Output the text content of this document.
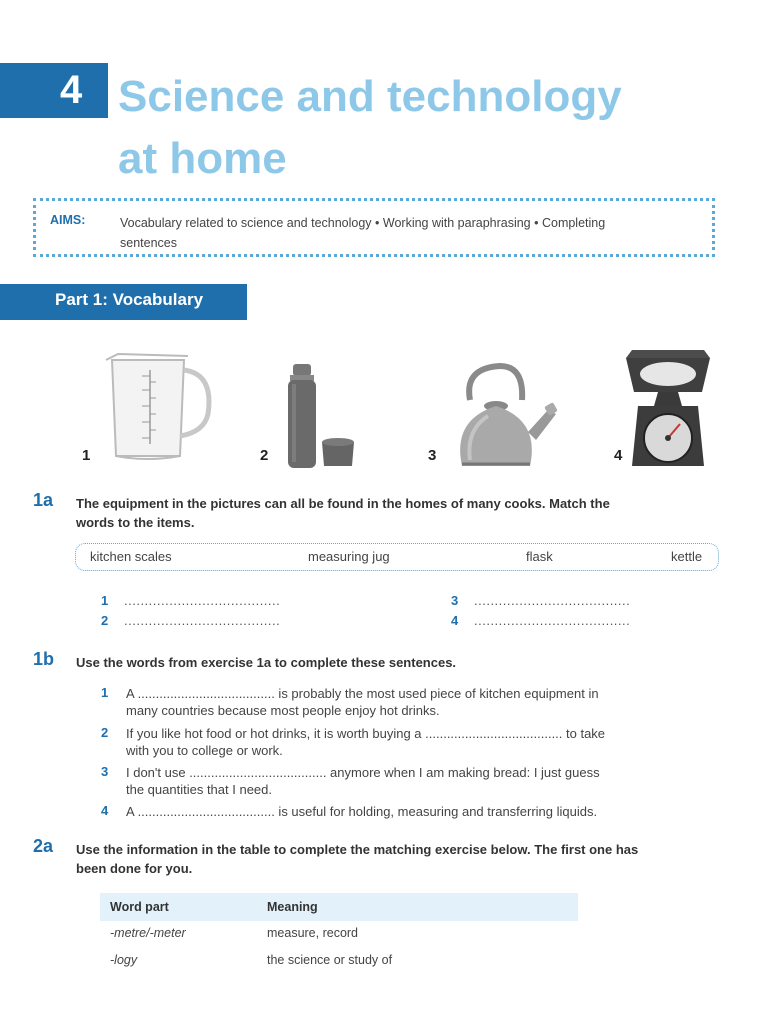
4 Science and technology
at home
AIMS:	Vocabulary related to science and technology • Working with paraphrasing • Completing
sentences
Part 1: Vocabulary
1	2	3	4
1a The equipment in the pictures can all be found in the homes of many cooks. Match the
words to the items.
kitchen scales	measuring jug	flask	kettle
1 ......................................
2 ......................................
3 ......................................
4 ......................................
1b Use the words from exercise 1a to complete these sentences.
1 A ...................................... is probably the most used piece of kitchen equipment in
many countries because most people enjoy hot drinks.
2 If you like hot food or hot drinks, it is worth buying a ...................................... to take
with you to college or work.
3 I don't use ...................................... anymore when I am making bread: I just guess
the quantities that I need.
4 A ...................................... is useful for holding, measuring and transferring liquids.
2a Use the information in the table to complete the matching exercise below. The first one has
been done for you.
Word part	Meaning
-metre/-meter	measure, record
-logy	the science or study of
